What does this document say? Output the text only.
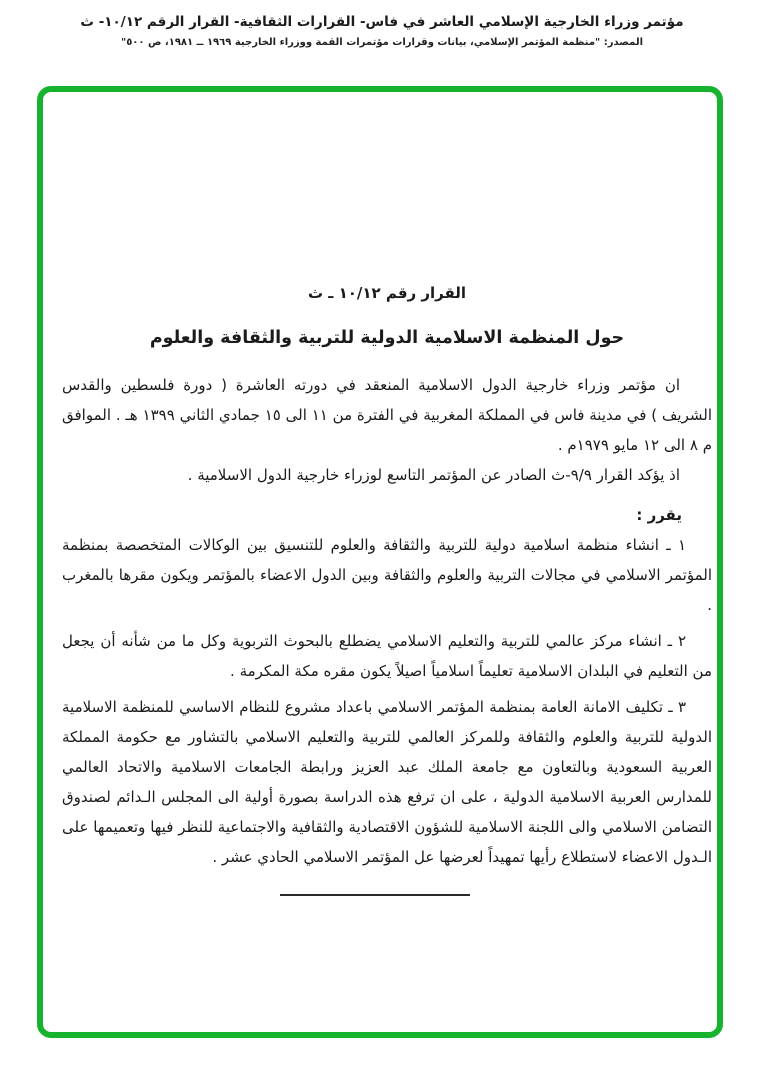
مؤتمر وزراء الخارجية الإسلامي العاشر في فاس- القرارات الثقافية- القرار الرقم ١٠/١٢- ث
المصدر: "منظمة المؤتمر الإسلامي، بيانات وقرارات مؤتمرات القمة ووزراء الخارجية ١٩٦٩ ــ ١٩٨١، ص ٥٠٠"

القرار رقم ١٠/١٢ ـ ث

حول المنظمة الاسلامية الدولية للتربية والثقافة والعلوم

ان مؤتمر وزراء خارجية الدول الاسلامية المنعقد في دورته العاشرة ( دورة فلسطين والقدس الشريف ) في مدينة فاس في المملكة المغربية في الفترة من ١١ الى ١٥ جمادي الثاني ١٣٩٩ هـ . الموافق م ٨ الى ١٢ مايو ١٩٧٩م .

اذ يؤكد القرار ٩/٩-ث الصادر عن المؤتمر التاسع لوزراء خارجية الدول الاسلامية .

يقرر :

١ ـ انشاء منظمة اسلامية دولية للتربية والثقافة والعلوم للتنسيق بين الوكالات المتخصصة بمنظمة المؤتمر الاسلامي في مجالات التربية والعلوم والثقافة وبين الدول الاعضاء بالمؤتمر ويكون مقرها بالمغرب .

٢ ـ انشاء مركز عالمي للتربية والتعليم الاسلامي يضطلع بالبحوث التربوية وكل ما من شأنه أن يجعل من التعليم في البلدان الاسلامية تعليماً اسلامياً اصيلاً يكون مقره مكة المكرمة .

٣ ـ تكليف الامانة العامة بمنظمة المؤتمر الاسلامي باعداد مشروع للنظام الاساسي للمنظمة الاسلامية الدولية للتربية والعلوم والثقافة وللمركز العالمي للتربية والتعليم الاسلامي بالتشاور مع حكومة المملكة العربية السعودية وبالتعاون مع جامعة الملك عبد العزيز ورابطة الجامعات الاسلامية والاتحاد العالمي للمدارس العربية الاسلامية الدولية ، على ان ترفع هذه الدراسة بصورة أولية الى المجلس الـدائم لصندوق التضامن الاسلامي والى اللجنة الاسلامية للشؤون الاقتصادية والثقافية والاجتماعية للنظر فيها وتعميمها على الـدول الاعضاء لاستطلاع رأيها تمهيداً لعرضها عل المؤتمر الاسلامي الحادي عشر .
